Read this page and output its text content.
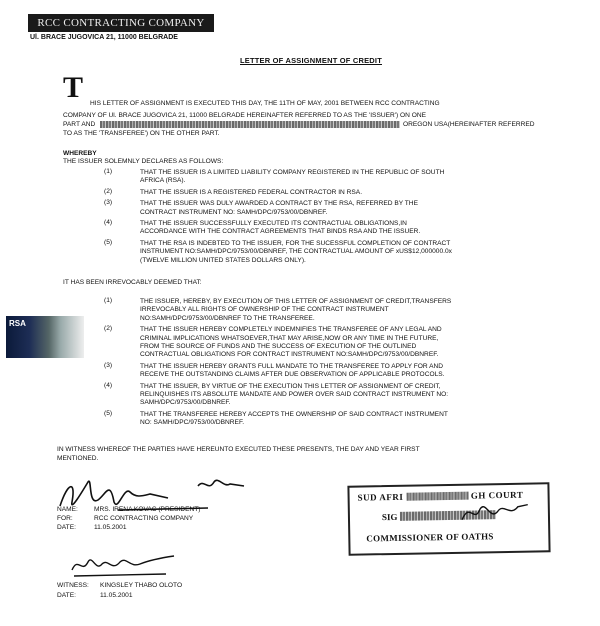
RCC CONTRACTING COMPANY
Ul. BRACE JUGOVICA 21, 11000 BELGRADE
LETTER OF ASSIGNMENT OF CREDIT
T HIS LETTER OF ASSIGNMENT IS EXECUTED THIS DAY, THE 11TH OF MAY, 2001 BETWEEN RCC CONTRACTING
COMPANY OF Ul. BRACE JUGOVICA 21, 11000 BELGRADE HEREINAFTER REFERRED TO AS THE 'ISSUER') ON ONE
PART AND	OREGON USA(HEREINAFTER REFERRED
TO AS THE 'TRANSFEREE') ON THE OTHER PART.
WHEREBY
THE ISSUER SOLEMNLY DECLARES AS FOLLOWS:
(1)	THAT THE ISSUER IS A LIMITED LIABILITY COMPANY REGISTERED IN THE REPUBLIC OF SOUTH
AFRICA (RSA).
(2)	THAT THE ISSUER IS A REGISTERED FEDERAL CONTRACTOR IN RSA.
(3)	THAT THE ISSUER WAS DULY AWARDED A CONTRACT BY THE RSA, REFERRED BY THE
CONTRACT INSTRUMENT NO: SAMH/DPC/9753/00/DBNREF.
(4)	THAT THE ISSUER SUCCESSFULLY EXECUTED ITS CONTRACTUAL OBLIGATIONS,IN
ACCORDANCE WITH THE CONTRACT AGREEMENTS THAT BINDS RSA AND THE ISSUER.
(5)	THAT THE RSA IS INDEBTED TO THE ISSUER, FOR THE SUCESSFUL COMPLETION OF CONTRACT
INSTRUMENT NO:SAMH/DPC/9753/00/DBNREF, THE CONTRACTUAL AMOUNT OF xUS$12,000000.0x
(TWELVE MILLION UNITED STATES DOLLARS ONLY).
IT HAS BEEN IRREVOCABLY DEEMED THAT:
RSA
(1)	THE ISSUER, HEREBY, BY EXECUTION OF THIS LETTER OF ASSIGNMENT OF CREDIT,TRANSFERS
IRREVOCABLY ALL RIGHTS OF OWNERSHIP OF THE CONTRACT INSTRUMENT
NO:SAMH/DPC/9753/00/DBNREF TO THE TRANSFEREE.
(2)	THAT THE ISSUER HEREBY COMPLETELY INDEMNIFIES THE TRANSFEREE OF ANY LEGAL AND
CRIMINAL IMPLICATIONS WHATSOEVER,THAT MAY ARISE,NOW OR ANY TIME IN THE FUTURE,
FROM THE SOURCE OF FUNDS AND THE SUCCESS OF EXECUTION OF THE OUTLINED
CONTRACTUAL OBLIGATIONS FOR CONTRACT INSTRUMENT NO:SAMH/DPC/9753/00/DBNREF.
(3)	THAT THE ISSUER HEREBY GRANTS FULL MANDATE TO THE TRANSFEREE TO APPLY FOR AND
RECEIVE THE OUTSTANDING CLAIMS AFTER DUE OBSERVATION OF APPLICABLE PROTOCOLS.
(4)	THAT THE ISSUER, BY VIRTUE OF THE EXECUTION THIS LETTER OF ASSIGNMENT OF CREDIT,
RELINQUISHES ITS ABSOLUTE MANDATE AND POWER OVER SAID CONTRACT INSTRUMENT NO:
SAMH/DPC/9753/00/DBNREF.
(5)	THAT THE TRANSFEREE HEREBY ACCEPTS THE OWNERSHIP OF SAID CONTRACT INSTRUMENT
NO: SAMH/DPC/9753/00/DBNREF.
IN WITNESS WHEREOF THE PARTIES HAVE HEREUNTO EXECUTED THESE PRESENTS, THE DAY AND YEAR FIRST
MENTIONED.
NAME: MRS. IRENA KOVAC (PRESIDENT)
FOR:	RCC CONTRACTING COMPANY
DATE:	11.05.2001
SUD AFRI	GH COURT
SIG
COMMISSIONER OF OATHS
WITNESS: KINGSLEY THABO OLOTO
DATE:	11.05.2001
